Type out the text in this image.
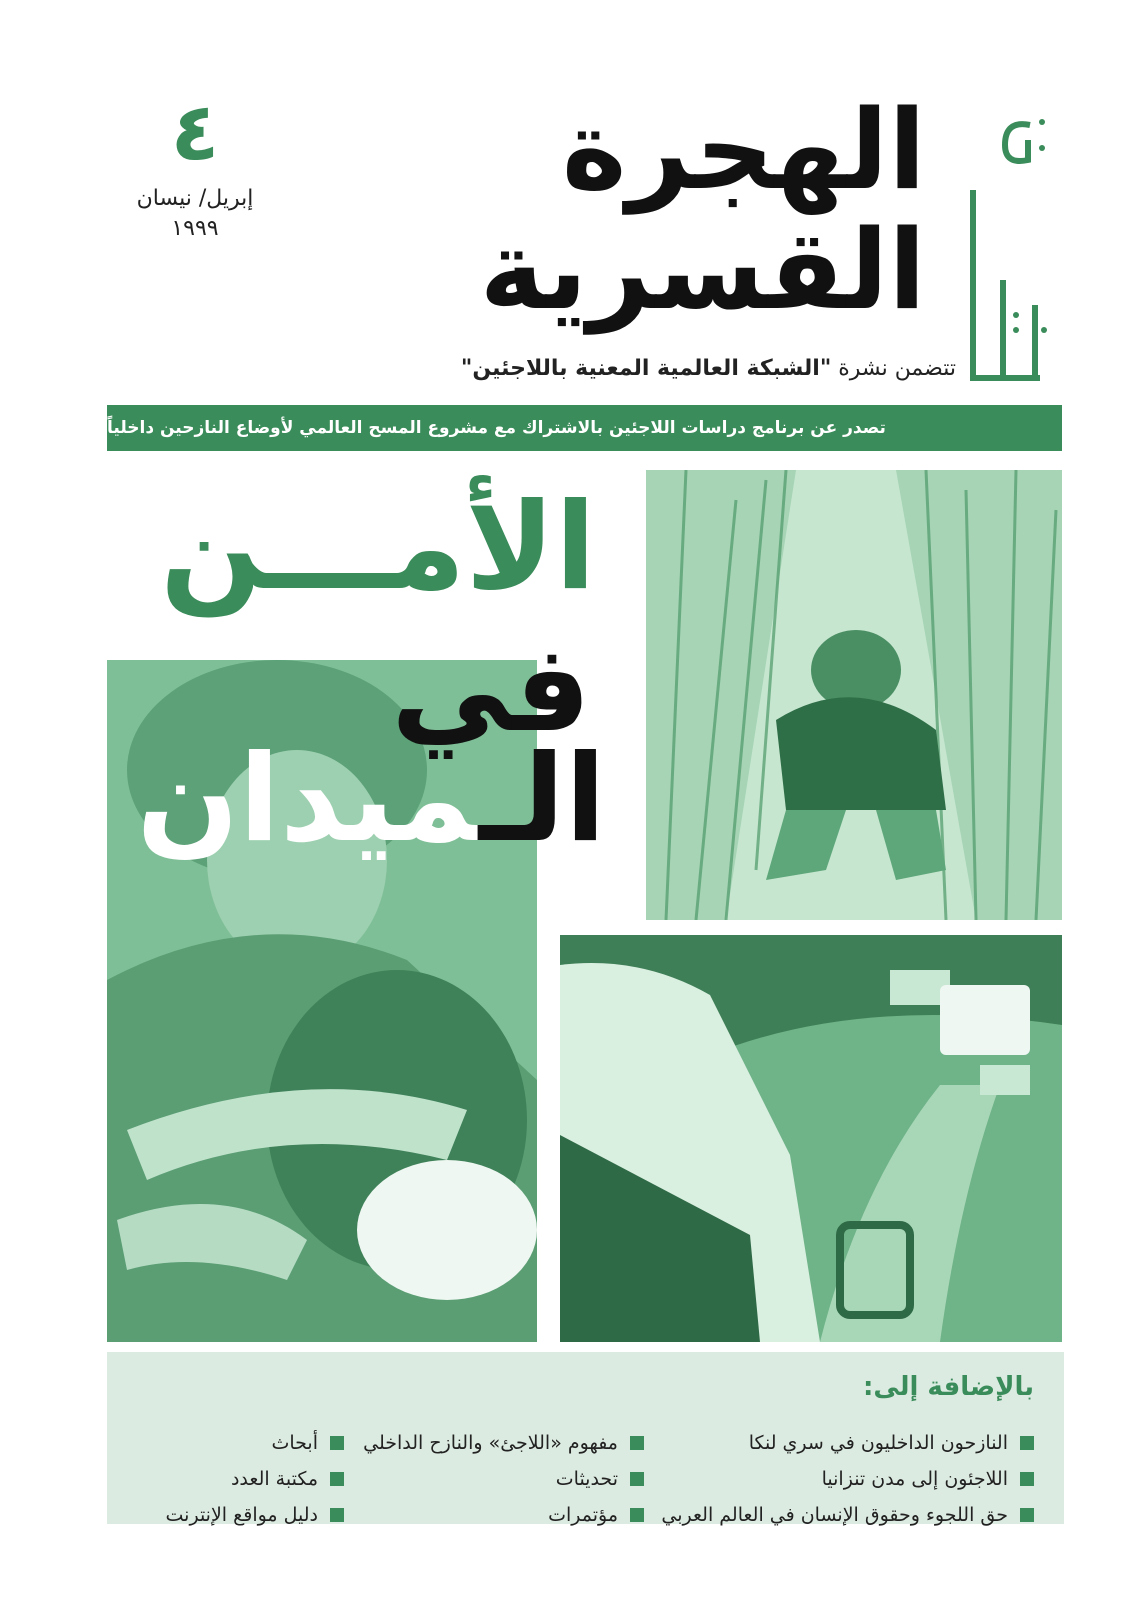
الهجرة
القسرية
٤
إبريل/ نيسان
١٩٩٩
تتضمن نشرة "الشبكة العالمية المعنية باللاجئين"
تصدر عن برنامج دراسات اللاجئين بالاشتراك مع مشروع المسح العالمي لأوضاع النازحين داخلياً
الأمـــن
في
الـميدان
بالإضافة إلى:
النازحون الداخليون في سري لنكا
اللاجئون إلى مدن تنزانيا
حق اللجوء وحقوق الإنسان في العالم العربي
مفهوم «اللاجئ» والنازح الداخلي
تحديثات
مؤتمرات
أبحاث
مكتبة العدد
دليل مواقع الإنترنت
